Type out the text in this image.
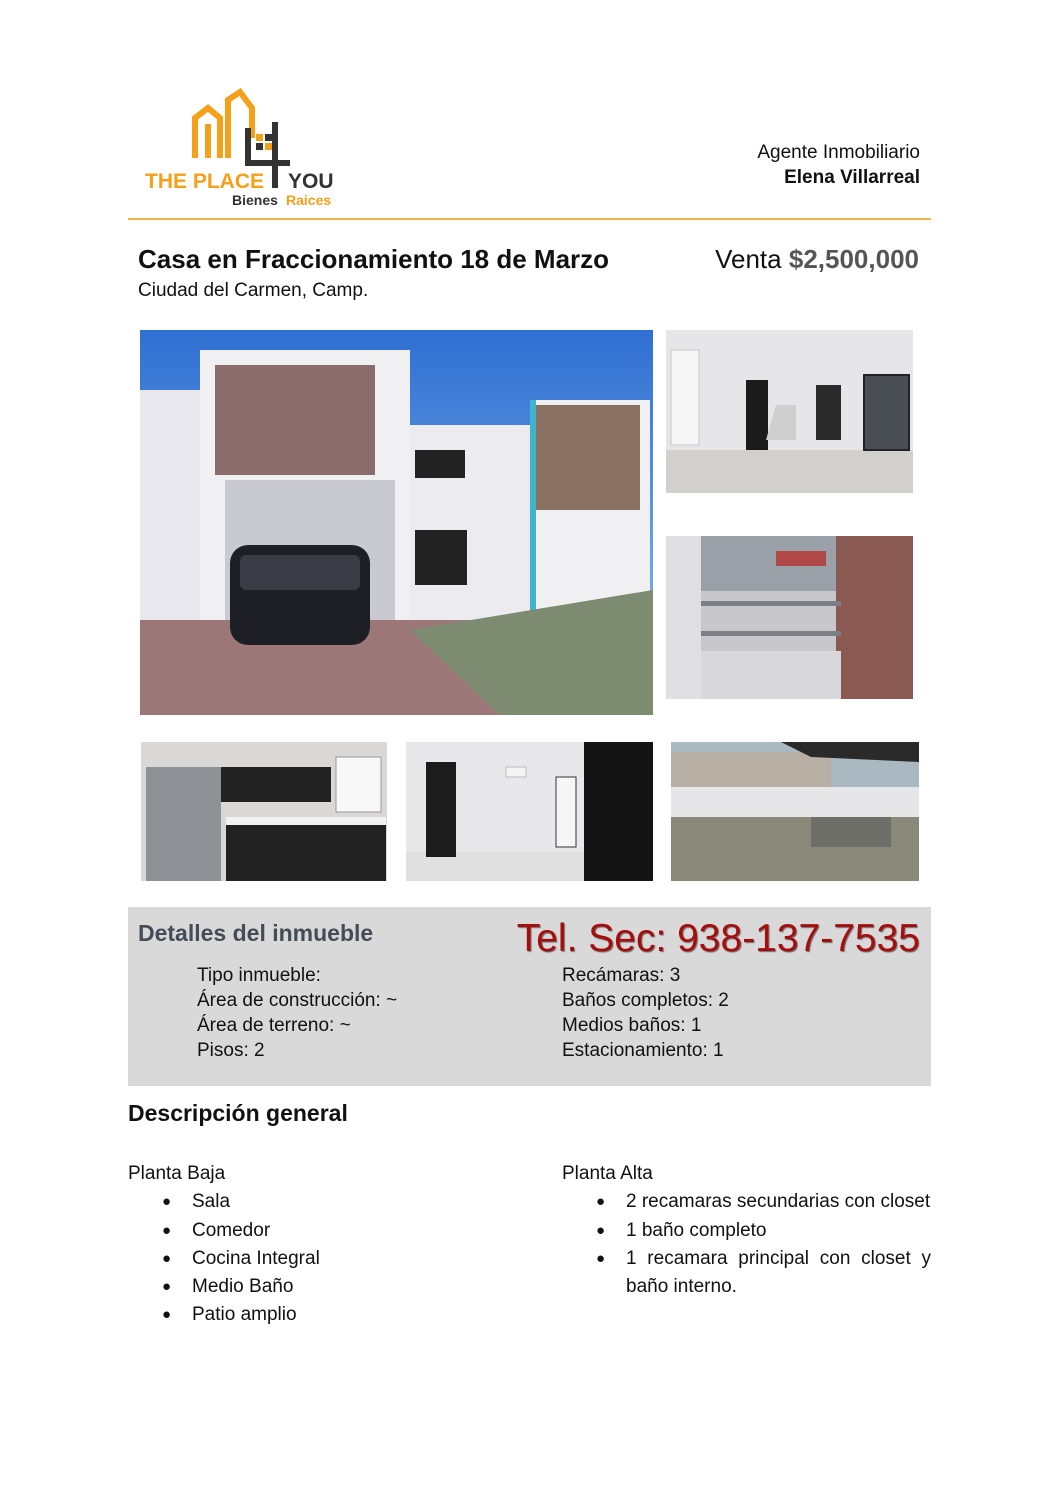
THE PLACE YOU
Bienes Raices
Agente Inmobiliario
Elena Villarreal
Casa en Fraccionamiento 18 de Marzo
Ciudad del Carmen, Camp.
Venta $2,500,000
Detalles del inmueble	Tel. Sec: 938-137-7535
Tipo inmueble:
Área de construcción: ~
Área de terreno: ~
Pisos: 2
Recámaras: 3
Baños completos: 2
Medios baños: 1
Estacionamiento: 1
Descripción general
Planta Baja
● Sala
● Comedor
● Cocina Integral
● Medio Baño
● Patio amplio
Planta Alta
● 2 recamaras secundarias con closet
● 1 baño completo
● 1 recamara principal con closet y baño interno.
